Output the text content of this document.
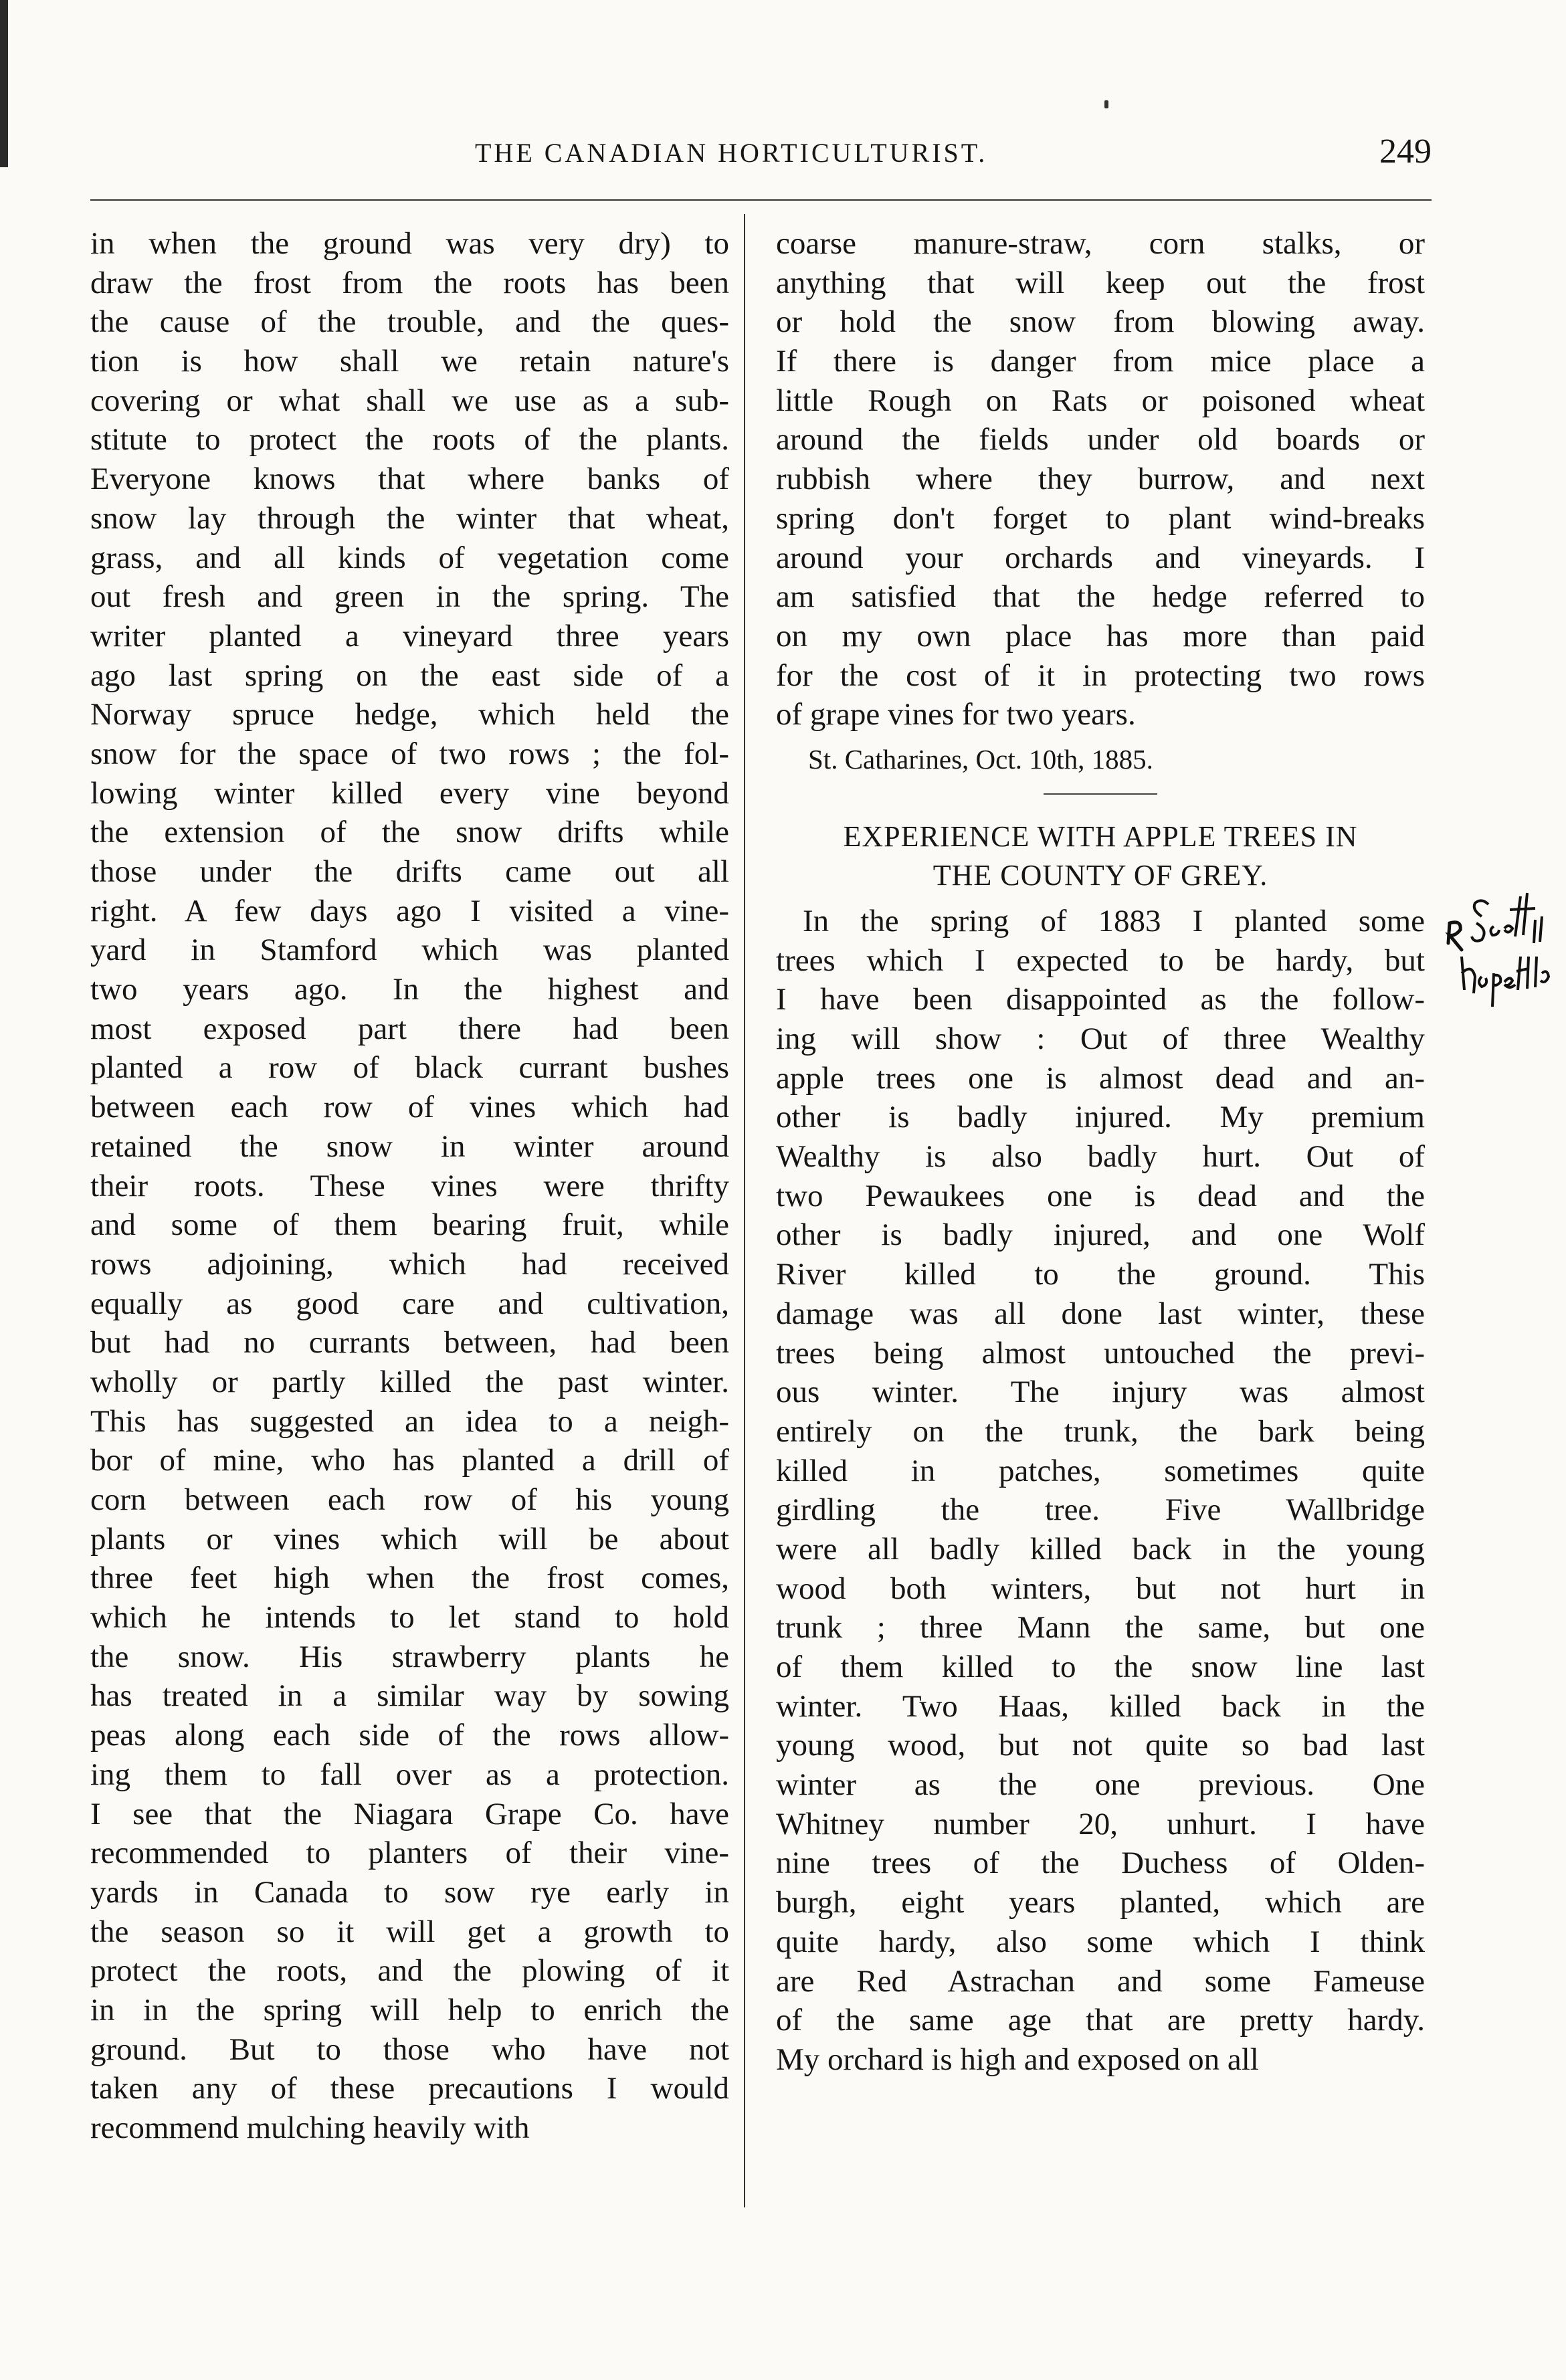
THE CANADIAN HORTICULTURIST.	249
in when the ground was very dry) to
draw the frost from the roots has been
the cause of the trouble, and the ques-
tion is how shall we retain nature's
covering or what shall we use as a sub-
stitute to protect the roots of the plants.
Everyone knows that where banks of
snow lay through the winter that wheat,
grass, and all kinds of vegetation come
out fresh and green in the spring. The
writer planted a vineyard three years
ago last spring on the east side of a
Norway spruce hedge, which held the
snow for the space of two rows ; the fol-
lowing winter killed every vine beyond
the extension of the snow drifts while
those under the drifts came out all
right. A few days ago I visited a vine-
yard in Stamford which was planted
two years ago. In the highest and
most exposed part there had been
planted a row of black currant bushes
between each row of vines which had
retained the snow in winter around
their roots. These vines were thrifty
and some of them bearing fruit, while
rows adjoining, which had received
equally as good care and cultivation,
but had no currants between, had been
wholly or partly killed the past winter.
This has suggested an idea to a neigh-
bor of mine, who has planted a drill of
corn between each row of his young
plants or vines which will be about
three feet high when the frost comes,
which he intends to let stand to hold
the snow. His strawberry plants he
has treated in a similar way by sowing
peas along each side of the rows allow-
ing them to fall over as a protection.
I see that the Niagara Grape Co. have
recommended to planters of their vine-
yards in Canada to sow rye early in
the season so it will get a growth to
protect the roots, and the plowing of it
in in the spring will help to enrich the
ground. But to those who have not
taken any of these precautions I would
recommend mulching heavily with
coarse manure-straw, corn stalks, or
anything that will keep out the frost
or hold the snow from blowing away.
If there is danger from mice place a
little Rough on Rats or poisoned wheat
around the fields under old boards or
rubbish where they burrow, and next
spring don't forget to plant wind-breaks
around your orchards and vineyards. I
am satisfied that the hedge referred to
on my own place has more than paid
for the cost of it in protecting two rows
of grape vines for two years.
St. Catharines, Oct. 10th, 1885.
EXPERIENCE WITH APPLE TREES IN
THE COUNTY OF GREY.
In the spring of 1883 I planted some
trees which I expected to be hardy, but
I have been disappointed as the follow-
ing will show : Out of three Wealthy
apple trees one is almost dead and an-
other is badly injured. My premium
Wealthy is also badly hurt. Out of
two Pewaukees one is dead and the
other is badly injured, and one Wolf
River killed to the ground. This
damage was all done last winter, these
trees being almost untouched the previ-
ous winter. The injury was almost
entirely on the trunk, the bark being
killed in patches, sometimes quite
girdling the tree. Five Wallbridge
were all badly killed back in the young
wood both winters, but not hurt in
trunk ; three Mann the same, but one
of them killed to the snow line last
winter. Two Haas, killed back in the
young wood, but not quite so bad last
winter as the one previous. One
Whitney number 20, unhurt. I have
nine trees of the Duchess of Olden-
burgh, eight years planted, which are
quite hardy, also some which I think
are Red Astrachan and some Fameuse
of the same age that are pretty hardy.
My orchard is high and exposed on all
